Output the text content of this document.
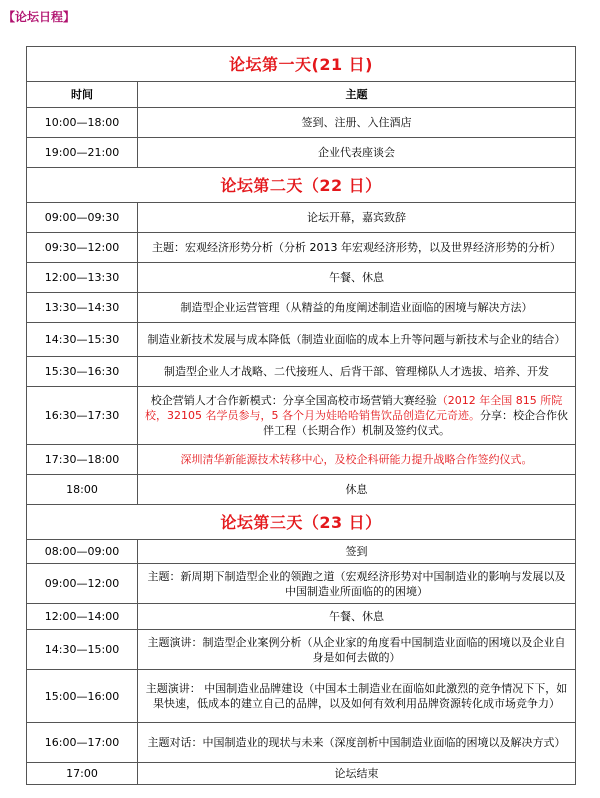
【论坛日程】
论坛第一天(21 日)	
时间	主题
10:00—18:00	签到、注册、入住酒店
19:00—21:00	企业代表座谈会
论坛第二天（22 日）	
09:00—09:30	论坛开幕，嘉宾致辞
09:30—12:00	主题：宏观经济形势分析（分析 2013 年宏观经济形势，以及世界经济形势的分析）
12:00—13:30	午餐、休息
13:30—14:30	制造型企业运营管理（从精益的角度阐述制造业面临的困境与解决方法）
14:30—15:30	制造业新技术发展与成本降低（制造业面临的成本上升等问题与新技术与企业的结合）
15:30—16:30	制造型企业人才战略、二代接班人、后背干部、管理梯队人才选拔、培养、开发
16:30—17:30	校企营销人才合作新模式：分享全国高校市场营销大赛经验（2012 年全国 815 所院校，32105 名学员参与，5 各个月为娃哈哈销售饮品创造亿元奇迹。分享：校企合作伙伴工程（长期合作）机制及签约仪式。
17:30—18:00	深圳清华新能源技术转移中心，及校企科研能力提升战略合作签约仪式。
18:00	休息
论坛第三天（23 日）	
08:00—09:00	签到
09:00—12:00	主题：新周期下制造型企业的领跑之道（宏观经济形势对中国制造业的影响与发展以及中国制造业所面临的的困境）
12:00—14:00	午餐、休息
14:30—15:00	主题演讲：制造型企业案例分析（从企业家的角度看中国制造业面临的困境以及企业自身是如何去做的）
15:00—16:00	主题演讲： 中国制造业品牌建设（中国本土制造业在面临如此激烈的竞争情况下下，如果快速，低成本的建立自己的品牌，以及如何有效利用品牌资源转化成市场竞争力）
16:00—17:00	主题对话：中国制造业的现状与未来（深度剖析中国制造业面临的困境以及解决方式）
17:00	论坛结束
